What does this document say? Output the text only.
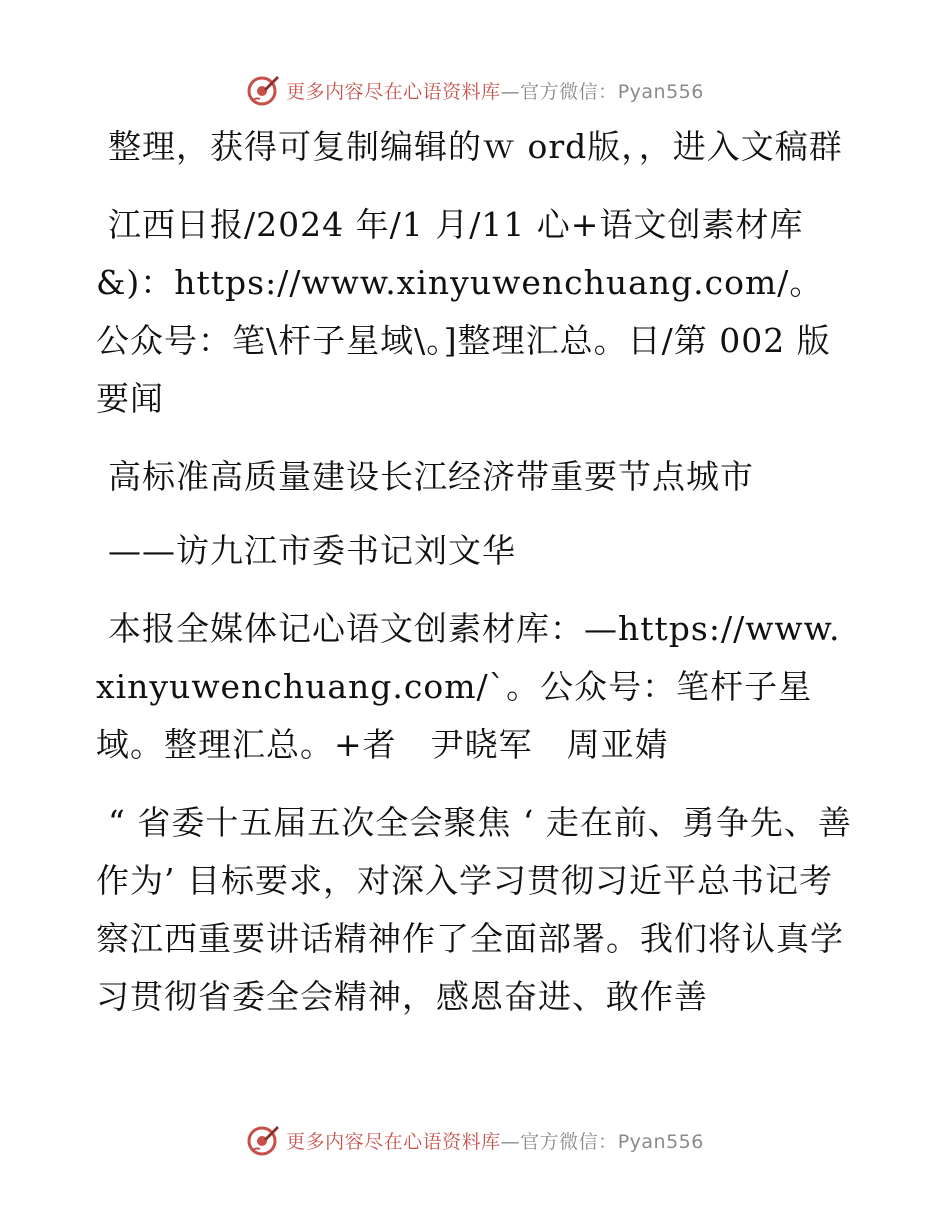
更多内容尽在心语资料库—官方微信：Pyan556

整理，获得可复制编辑的ｗ ord版，，进入文稿群

江西日报/2024 年/1 月/11 心+语文创素材库&)：https://www.xinyuwenchuang.com/。公众号：笔\杆子星域\。]整理汇总。日/第 002 版要闻

高标准高质量建设长江经济带重要节点城市

——访九江市委书记刘文华

本报全媒体记心语文创素材库：—https://www.xinyuwenchuang.com/`。公众号：笔杆子星域。整理汇总。+者　尹晓军　周亚婧

“ 省委十五届五次全会聚焦 ‘ 走在前、勇争先、善作为’ 目标要求，对深入学习贯彻习近平总书记考察江西重要讲话精神作了全面部署。我们将认真学习贯彻省委全会精神，感恩奋进、敢作善

更多内容尽在心语资料库—官方微信：Pyan556
